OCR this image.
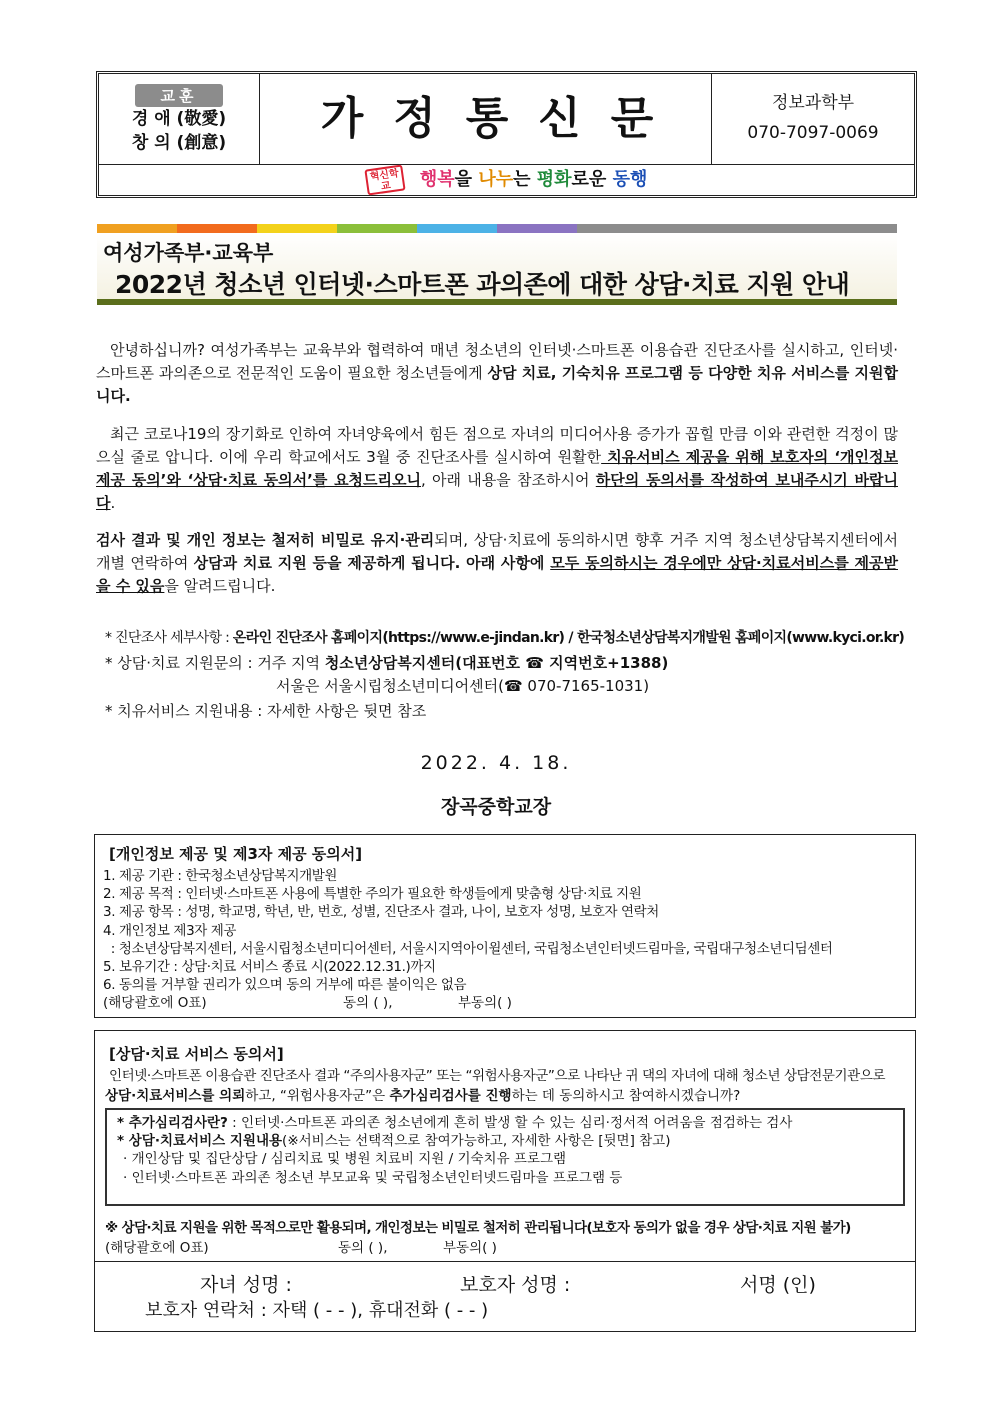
교훈
경 애 (敬愛)
창 의 (創意)	가정통신문	정보과학부
070-7097-0069
혁신학교 행복을 나누는 평화로운 동행
여성가족부·교육부
2022년 청소년 인터넷·스마트폰 과의존에 대한 상담·치료 지원 안내
안녕하십니까? 여성가족부는 교육부와 협력하여 매년 청소년의 인터넷·스마트폰 이용습관 진단조사를 실시하고, 인터넷·스마트폰 과의존으로 전문적인 도움이 필요한 청소년들에게 상담 치료, 기숙치유 프로그램 등 다양한 치유 서비스를 지원합니다.
최근 코로나19의 장기화로 인하여 자녀양육에서 힘든 점으로 자녀의 미디어사용 증가가 꼽힐 만큼 이와 관련한 걱정이 많으실 줄로 압니다. 이에 우리 학교에서도 3월 중 진단조사를 실시하여 원활한 치유서비스 제공을 위해 보호자의 ‘개인정보 제공 동의’와 ‘상담·치료 동의서’를 요청드리오니, 아래 내용을 참조하시어 하단의 동의서를 작성하여 보내주시기 바랍니다.
검사 결과 및 개인 정보는 철저히 비밀로 유지·관리되며, 상담·치료에 동의하시면 향후 거주 지역 청소년상담복지센터에서 개별 연락하여 상담과 치료 지원 등을 제공하게 됩니다. 아래 사항에 모두 동의하시는 경우에만 상담·치료서비스를 제공받을 수 있음을 알려드립니다.
* 진단조사 세부사항 : 온라인 진단조사 홈페이지(https://www.e-jindan.kr) / 한국청소년상담복지개발원 홈페이지(www.kyci.or.kr)
* 상담·치료 지원문의 : 거주 지역 청소년상담복지센터(대표번호 ☎ 지역번호+1388)
서울은 서울시립청소년미디어센터(☎ 070-7165-1031)
* 치유서비스 지원내용 : 자세한 사항은 뒷면 참조
2022. 4. 18.
장곡중학교장
[개인정보 제공 및 제3자 제공 동의서]
1. 제공 기관 : 한국청소년상담복지개발원
2. 제공 목적 : 인터넷·스마트폰 사용에 특별한 주의가 필요한 학생들에게 맞춤형 상담·치료 지원
3. 제공 항목 : 성명, 학교명, 학년, 반, 번호, 성별, 진단조사 결과, 나이, 보호자 성명, 보호자 연락처
4. 개인정보 제3자 제공
: 청소년상담복지센터, 서울시립청소년미디어센터, 서울시지역아이윌센터, 국립청소년인터넷드림마을, 국립대구청소년디딤센터
5. 보유기간 : 상담·치료 서비스 종료 시(2022.12.31.)까지
6. 동의를 거부할 권리가 있으며 동의 거부에 따른 불이익은 없음
(해당괄호에 O표)	동의 ( ),	부동의( )
[상담·치료 서비스 동의서]
인터넷·스마트폰 이용습관 진단조사 결과 “주의사용자군” 또는 “위험사용자군”으로 나타난 귀 댁의 자녀에 대해 청소년 상담전문기관으로
상담·치료서비스를 의뢰하고, “위험사용자군”은 추가심리검사를 진행하는 데 동의하시고 참여하시겠습니까?
* 추가심리검사란? : 인터넷·스마트폰 과의존 청소년에게 흔히 발생 할 수 있는 심리·정서적 어려움을 점검하는 검사
* 상담·치료서비스 지원내용(※서비스는 선택적으로 참여가능하고, 자세한 사항은 [뒷면] 참고)
· 개인상담 및 집단상담 / 심리치료 및 병원 치료비 지원 / 기숙치유 프로그램
· 인터넷·스마트폰 과의존 청소년 부모교육 및 국립청소년인터넷드림마을 프로그램 등
※ 상담·치료 지원을 위한 목적으로만 활용되며, 개인정보는 비밀로 철저히 관리됩니다(보호자 동의가 없을 경우 상담·치료 지원 불가)
(해당괄호에 O표)	동의 ( ),	부동의( )
자녀 성명 :	보호자 성명 :	서명 (인)
보호자 연락처 : 자택 ( - - ), 휴대전화 ( - - )
